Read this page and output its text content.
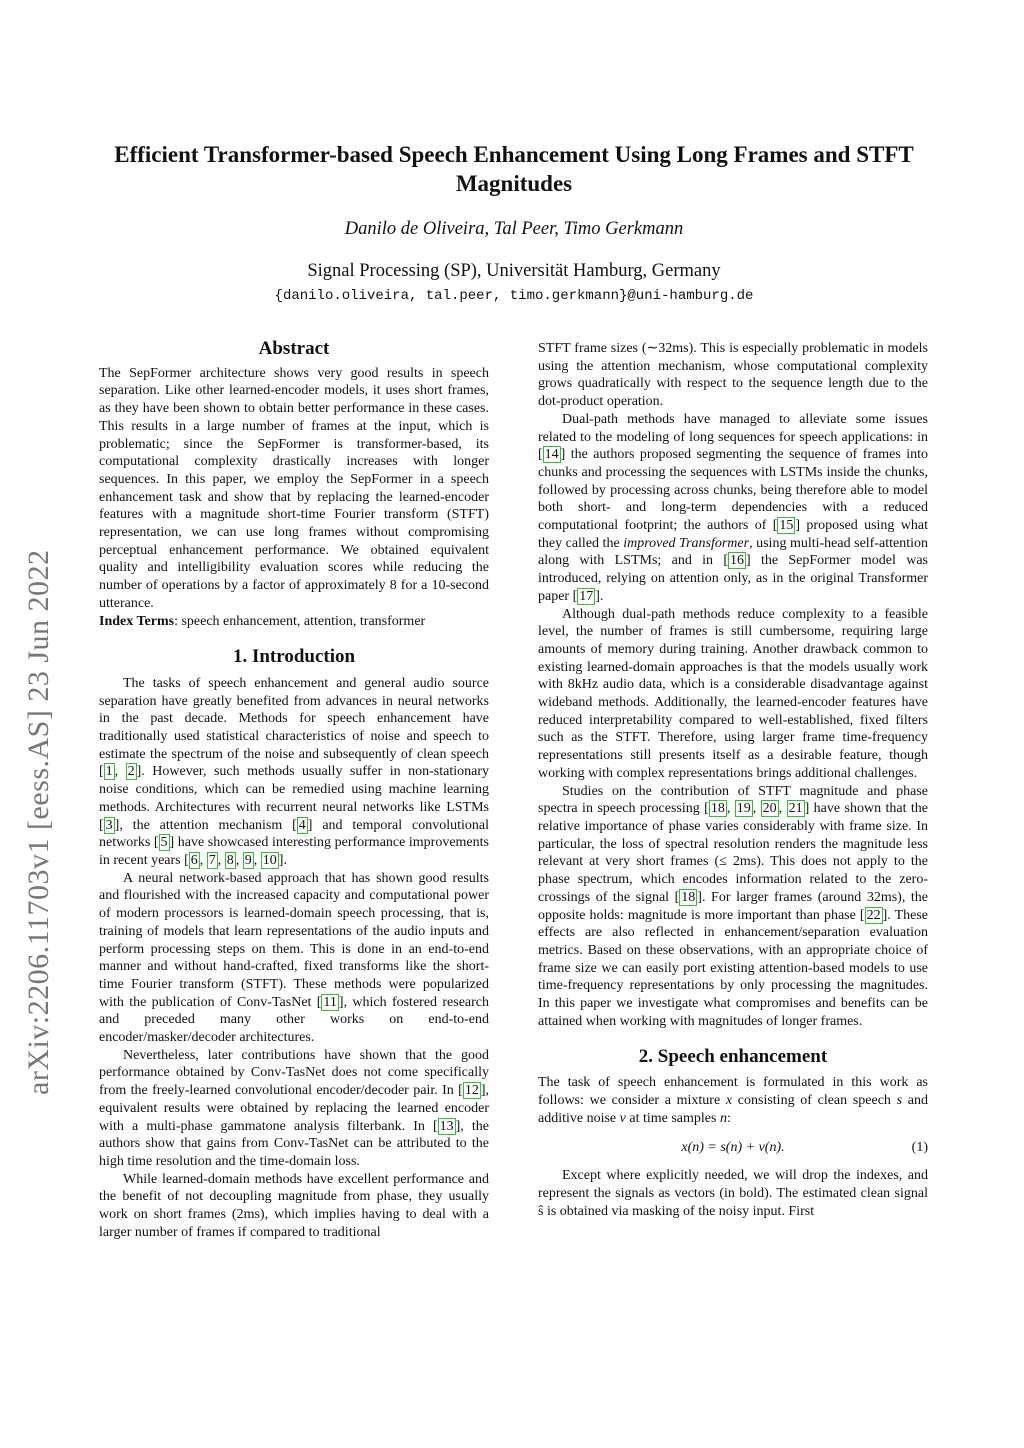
arXiv:2206.11703v1 [eess.AS] 23 Jun 2022
Efficient Transformer-based Speech Enhancement Using Long Frames and STFT Magnitudes
Danilo de Oliveira, Tal Peer, Timo Gerkmann
Signal Processing (SP), Universität Hamburg, Germany
{danilo.oliveira, tal.peer, timo.gerkmann}@uni-hamburg.de
Abstract

The SepFormer architecture shows very good results in speech separation. Like other learned-encoder models, it uses short frames, as they have been shown to obtain better performance in these cases. This results in a large number of frames at the input, which is problematic; since the SepFormer is transformer-based, its computational complexity drastically increases with longer sequences. In this paper, we employ the SepFormer in a speech enhancement task and show that by replacing the learned-encoder features with a magnitude short-time Fourier transform (STFT) representation, we can use long frames without compromising perceptual enhancement performance. We obtained equivalent quality and intelligibility evaluation scores while reducing the number of operations by a factor of approximately 8 for a 10-second utterance.

Index Terms: speech enhancement, attention, transformer

1. Introduction

The tasks of speech enhancement and general audio source separation have greatly benefited from advances in neural networks in the past decade. Methods for speech enhancement have traditionally used statistical characteristics of noise and speech to estimate the spectrum of the noise and subsequently of clean speech [ 1 , 2 ]. However, such methods usually suffer in non-stationary noise conditions, which can be remedied using machine learning methods. Architectures with recurrent neural networks like LSTMs [ 3 ], the attention mechanism [ 4 ] and temporal convolutional networks [ 5 ] have showcased interesting performance improvements in recent years [ 6 , 7 , 8 , 9 , 10 ].

A neural network-based approach that has shown good results and flourished with the increased capacity and computational power of modern processors is learned-domain speech processing, that is, training of models that learn representations of the audio inputs and perform processing steps on them. This is done in an end-to-end manner and without hand-crafted, fixed transforms like the short-time Fourier transform (STFT). These methods were popularized with the publication of Conv-TasNet [ 11 ], which fostered research and preceded many other works on end-to-end encoder/masker/decoder architectures.

Nevertheless, later contributions have shown that the good performance obtained by Conv-TasNet does not come specifically from the freely-learned convolutional encoder/decoder pair. In [ 12 ], equivalent results were obtained by replacing the learned encoder with a multi-phase gammatone analysis filterbank. In [ 13 ], the authors show that gains from Conv-TasNet can be attributed to the high time resolution and the time-domain loss.

While learned-domain methods have excellent performance and the benefit of not decoupling magnitude from phase, they usually work on short frames (2ms), which implies having to deal with a larger number of frames if compared to traditional

STFT frame sizes (∼32ms). This is especially problematic in models using the attention mechanism, whose computational complexity grows quadratically with respect to the sequence length due to the dot-product operation.

Dual-path methods have managed to alleviate some issues related to the modeling of long sequences for speech applications: in [ 14 ] the authors proposed segmenting the sequence of frames into chunks and processing the sequences with LSTMs inside the chunks, followed by processing across chunks, being therefore able to model both short- and long-term dependencies with a reduced computational footprint; the authors of [ 15 ] proposed using what they called the improved Transformer, using multi-head self-attention along with LSTMs; and in [ 16 ] the SepFormer model was introduced, relying on attention only, as in the original Transformer paper [ 17 ].

Although dual-path methods reduce complexity to a feasible level, the number of frames is still cumbersome, requiring large amounts of memory during training. Another drawback common to existing learned-domain approaches is that the models usually work with 8kHz audio data, which is a considerable disadvantage against wideband methods. Additionally, the learned-encoder features have reduced interpretability compared to well-established, fixed filters such as the STFT. Therefore, using larger frame time-frequency representations still presents itself as a desirable feature, though working with complex representations brings additional challenges.

Studies on the contribution of STFT magnitude and phase spectra in speech processing [ 18 , 19 , 20 , 21 ] have shown that the relative importance of phase varies considerably with frame size. In particular, the loss of spectral resolution renders the magnitude less relevant at very short frames (≤ 2ms). This does not apply to the phase spectrum, which encodes information related to the zero-crossings of the signal [ 18 ]. For larger frames (around 32ms), the opposite holds: magnitude is more important than phase [ 22 ]. These effects are also reflected in enhancement/separation evaluation metrics. Based on these observations, with an appropriate choice of frame size we can easily port existing attention-based models to use time-frequency representations by only processing the magnitudes. In this paper we investigate what compromises and benefits can be attained when working with magnitudes of longer frames.

2. Speech enhancement

The task of speech enhancement is formulated in this work as follows: we consider a mixture x consisting of clean speech s and additive noise v at time samples n:

x(n) = s(n) + v(n).	(1)

Except where explicitly needed, we will drop the indexes, and represent the signals as vectors (in bold). The estimated clean signal ŝ is obtained via masking of the noisy input. First
